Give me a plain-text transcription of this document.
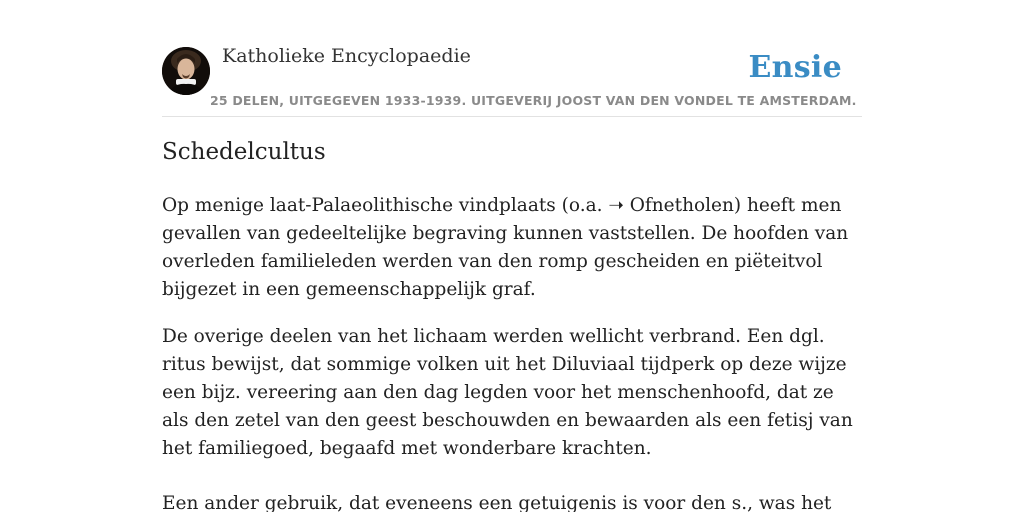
Katholieke Encyclopaedie	Ensie
25 DELEN, UITGEGEVEN 1933-1939. UITGEVERIJ JOOST VAN DEN VONDEL TE AMSTERDAM.
Schedelcultus

Op menige laat-Palaeolithische vindplaats (o.a. ➝ Ofnetholen) heeft men gevallen van gedeeltelijke begraving kunnen vaststellen. De hoofden van overleden familieleden werden van den romp gescheiden en piëteitvol bijgezet in een gemeenschappelijk graf.

De overige deelen van het lichaam werden wellicht verbrand. Een dgl. ritus bewijst, dat sommige volken uit het Diluviaal tijdperk op deze wijze een bijz. vereering aan den dag legden voor het menschenhoofd, dat ze als den zetel van den geest beschouwden en bewaarden als een fetisj van het familiegoed, begaafd met wonderbare krachten.

Een ander gebruik, dat eveneens een getuigenis is voor den s., was het
